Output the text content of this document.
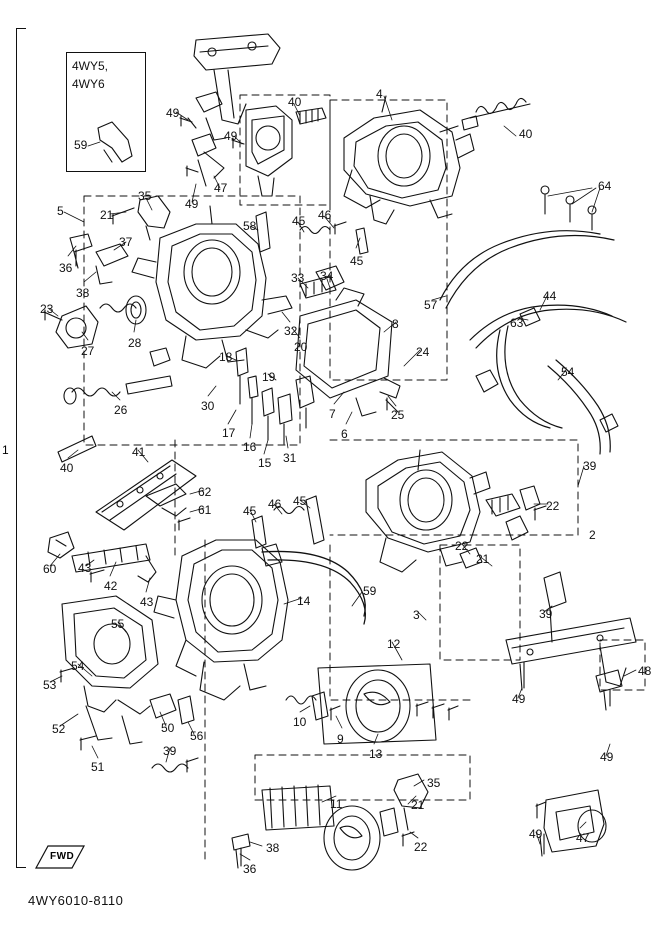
1
4WY5,
4WY6
FWD
4WY6010-8110
4
40
40
49
49
49
47
59
64
35
21
5
58	45 46
45
37
36
38
33 34
23
27
28
32
20
8
24
57
44
63
54
18
19
26	30
7	25
17
16
15 31
6
40
41
39
22
2
62
61	45 46 45
22
21
60 43
42
43
59
14
3	39
55
54
12
48
53
52	50
56
10
9
13
49
49
47
49
51
39
35
21
11
22
38
36
